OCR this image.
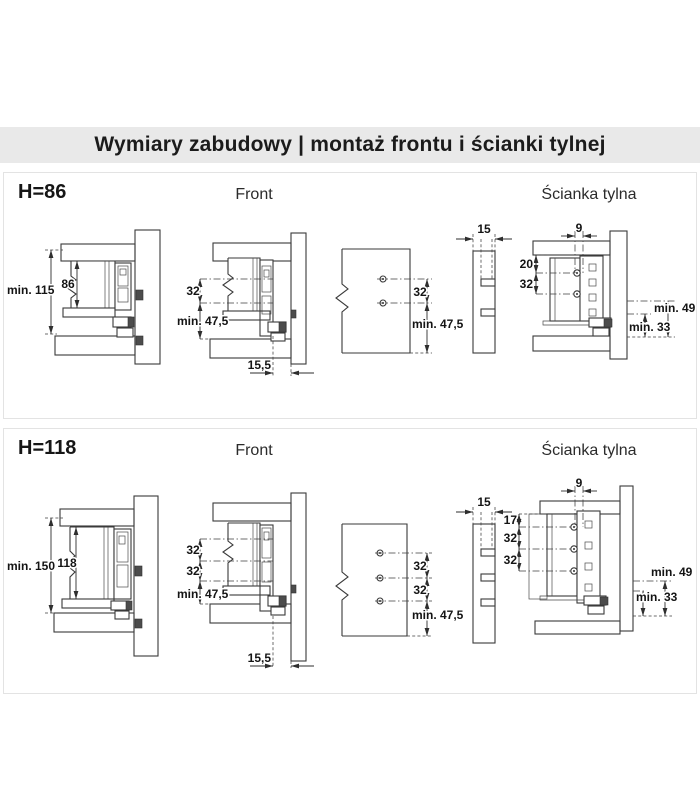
Wymiary zabudowy | montaż frontu i ścianki tylnej
H=86	Front	Ścianka tylna
min. 115 86	32
min. 47,5
15,5
32
min. 47,5
15	9
20
32
min. 49
min. 33
H=118	Front	Ścianka tylna
min. 150 118
32
32
min. 47,5
15,5
32
32
min. 47,5
15
9
17
32
32
min. 49
min. 33
